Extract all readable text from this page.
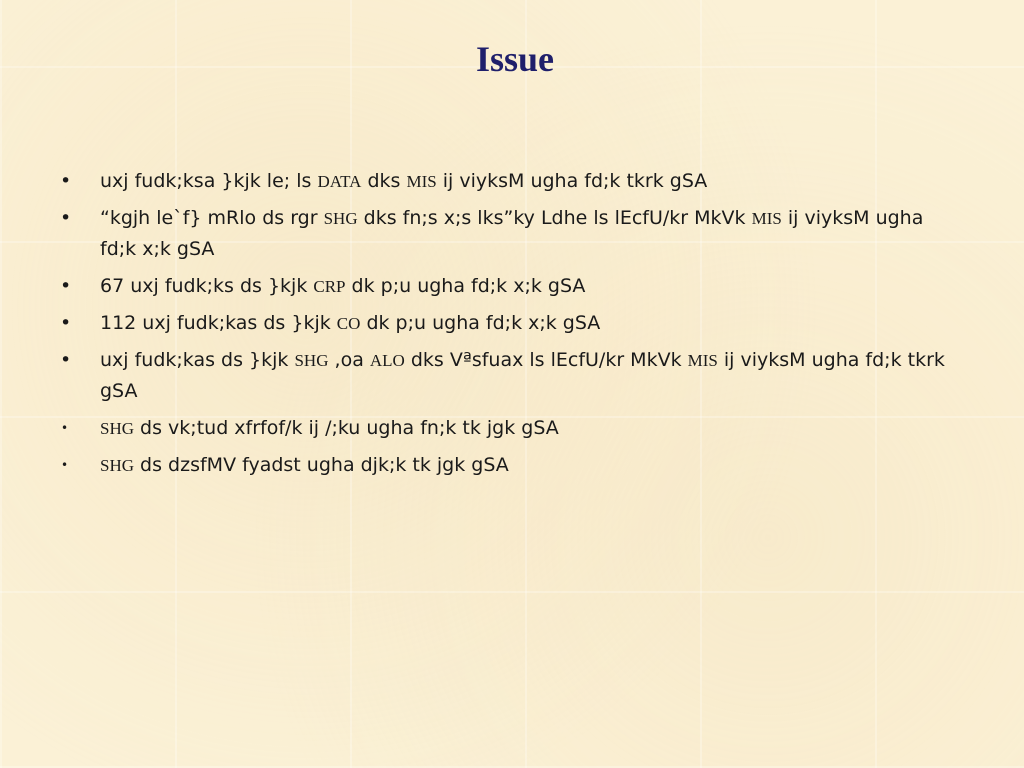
Issue
• uxj fudk;ksa }kjk le; ls DATA dks MIS ij viyksM ugha fd;k tkrk gSA
• “kgjh le`f} mRlo ds rgr SHG dks fn;s x;s lks”ky Ldhe ls lEcfU/kr MkVk MIS ij viyksM ugha fd;k x;k gSA
• 67 uxj fudk;ks ds }kjk CRP dk p;u ugha fd;k x;k gSA
• 112 uxj fudk;kas ds }kjk CO dk p;u ugha fd;k x;k gSA
• uxj fudk;kas ds }kjk SHG ,oa ALO dks Vªsfuax ls lEcfU/kr MkVk MIS ij viyksM ugha fd;k tkrk gSA
• SHG ds vk;tud xfrfof/k ij /;ku ugha fn;k tk jgk gSA
• SHG ds dzsfMV fyadst ugha djk;k tk jgk gSA
